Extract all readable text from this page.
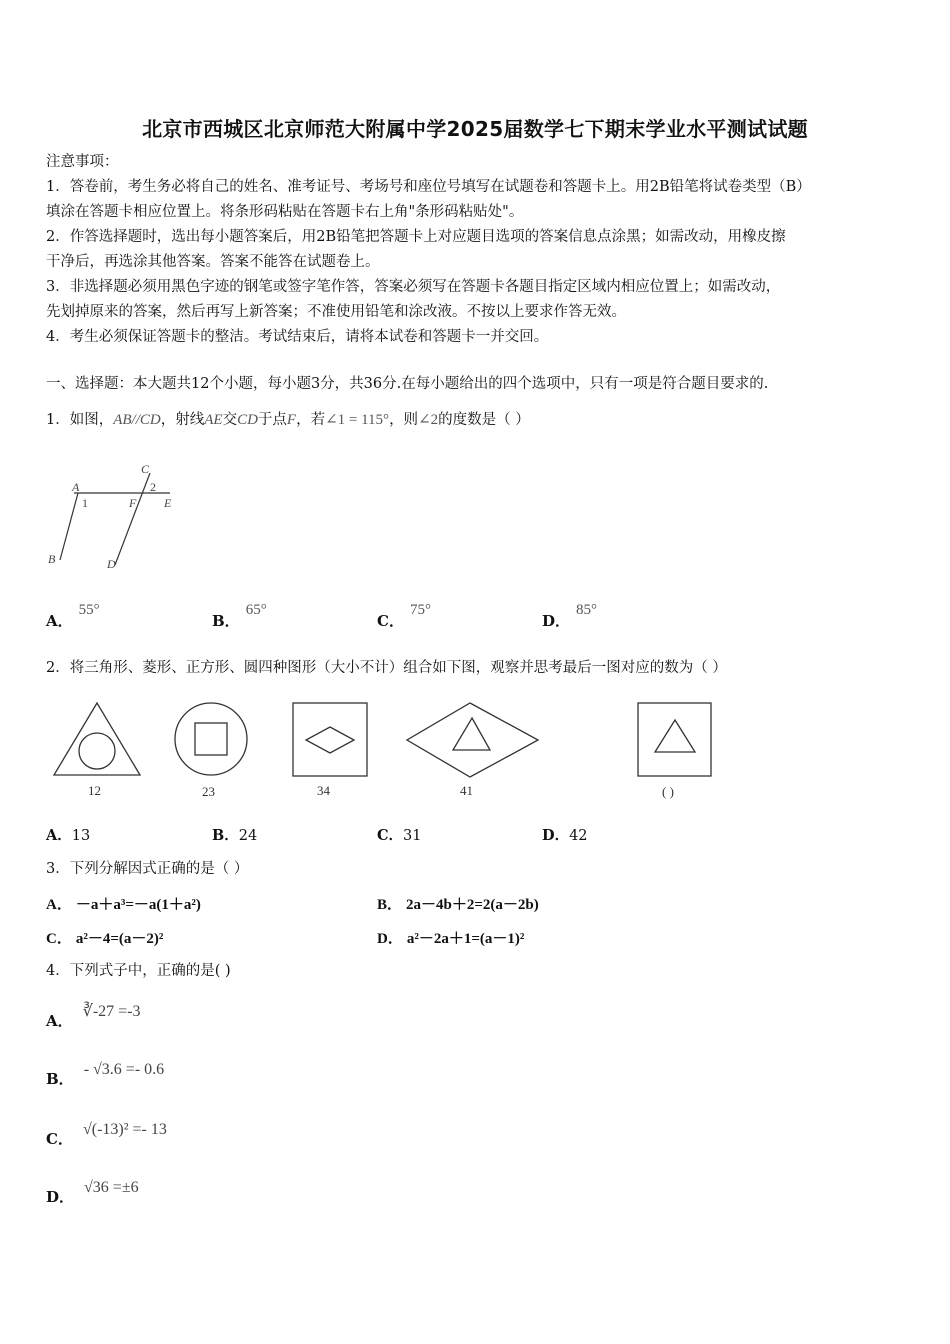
北京市西城区北京师范大附属中学2025届数学七下期末学业水平测试试题
注意事项：
1．答卷前，考生务必将自己的姓名、准考证号、考场号和座位号填写在试题卷和答题卡上。用2B铅笔将试卷类型（B）
填涂在答题卡相应位置上。将条形码粘贴在答题卡右上角"条形码粘贴处"。
2．作答选择题时，选出每小题答案后，用2B铅笔把答题卡上对应题目选项的答案信息点涂黑；如需改动，用橡皮擦
干净后，再选涂其他答案。答案不能答在试题卷上。
3．非选择题必须用黑色字迹的钢笔或签字笔作答，答案必须写在答题卡各题目指定区域内相应位置上；如需改动，
先划掉原来的答案，然后再写上新答案；不准使用铅笔和涂改液。不按以上要求作答无效。
4．考生必须保证答题卡的整洁。考试结束后，请将本试卷和答题卡一并交回。
一、选择题：本大题共12个小题，每小题3分，共36分.在每小题给出的四个选项中，只有一项是符合题目要求的.
1．如图，AB//CD，射线AE交CD于点F，若∠1 = 115°，则∠2的度数是（ ）
C
A	2
1	F E
B	D
A．55°
B．65°
C．75°
D．85°
2．将三角形、菱形、正方形、圆四种图形（大小不计）组合如下图，观察并思考最后一图对应的数为（ ）
12	23	34	41	( )
A．13	B．24	C．31	D．42
3．下列分解因式正确的是（ ）
A． －a＋a³=－a(1＋a²)	B． 2a－4b＋2=2(a－2b)
C． a²－4=(a－2)²	D． a²－2a＋1=(a－1)²
4．下列式子中，正确的是( )
A．∛-27 =-3
B．- √3.6 =- 0.6
C．√(-13)² =- 13
D．√36 =±6
